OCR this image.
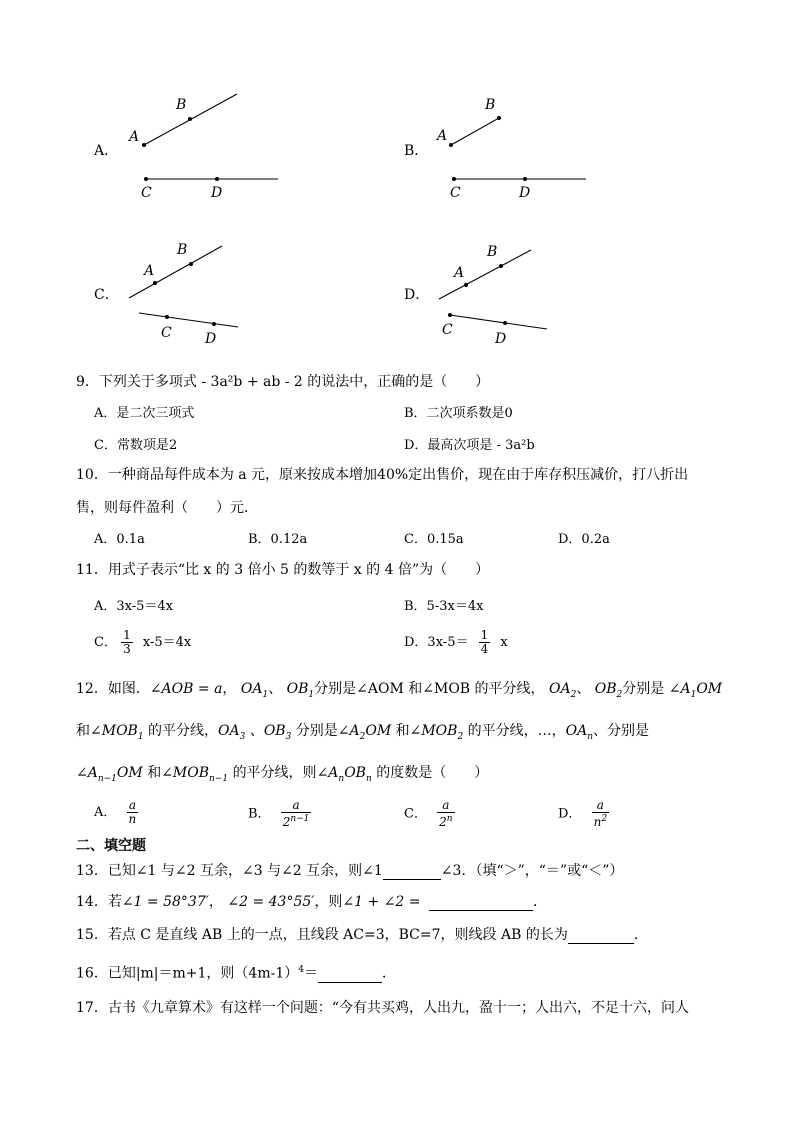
A．
A
B
C	D
B．
A
B
C	D
C．
A
B
C D
D．
A
B
C
D
9．下列关于多项式 - 3a²b + ab - 2 的说法中，正确的是（　　）
A．是二次三项式	B．二次项系数是0
C．常数项是2	D．最高次项是 - 3a²b
10．一种商品每件成本为 a 元，原来按成本增加40%定出售价，现在由于库存积压减价，打八折出
售，则每件盈利（　　）元．
A．0.1a	B．0.12a	C．0.15a	D．0.2a
11．用式子表示“比 x 的 3 倍小 5 的数等于 x 的 4 倍”为（　　）
A．3x-5＝4x	B．5-3x＝4x
C． $\frac{1}{3} x-5=4x$	D．$3x-5= \frac{1}{4}$ x
12．如图．∠AOB = a， $OA_1$、 $OB_1$分别是∠AOM 和∠MOB 的平分线， $OA_2$、 $OB_2$分别是 $\angle A_1OM$
和$\angle MOB_1$ 的平分线，$OA_3$ 、$OB_3$ 分别是$\angle A_2OM$ 和$\angle MOB_2$ 的平分线，…，$OA_n$、分别是
$\angle A_{n-1}OM$ 和$\angle MOB_{n-1}$ 的平分线，则$\angle A_nOB_n$ 的度数是（　　）
A． $\frac{a}{n}$	B． $\frac{a}{2^{n-1}}$	C． $\frac{a}{2^n}$	D． $\frac{a}{n^2}$
二、填空题
13．已知∠1 与∠2 互余，∠3 与∠2 互余，则∠1	∠3．（填“＞”，“＝”或“＜”）
14．若∠1 = 58°37′， ∠2 = 43°55′，则∠1 + ∠2 =	．
15．若点 C 是直线 AB 上的一点，且线段 AC=3，BC=7，则线段 AB 的长为	．
16．已知|m|＝m+1，则$(4m-1)^4=$	．
17．古书《九章算术》有这样一个问题：“今有共买鸡，人出九，盈十一；人出六，不足十六，问人
